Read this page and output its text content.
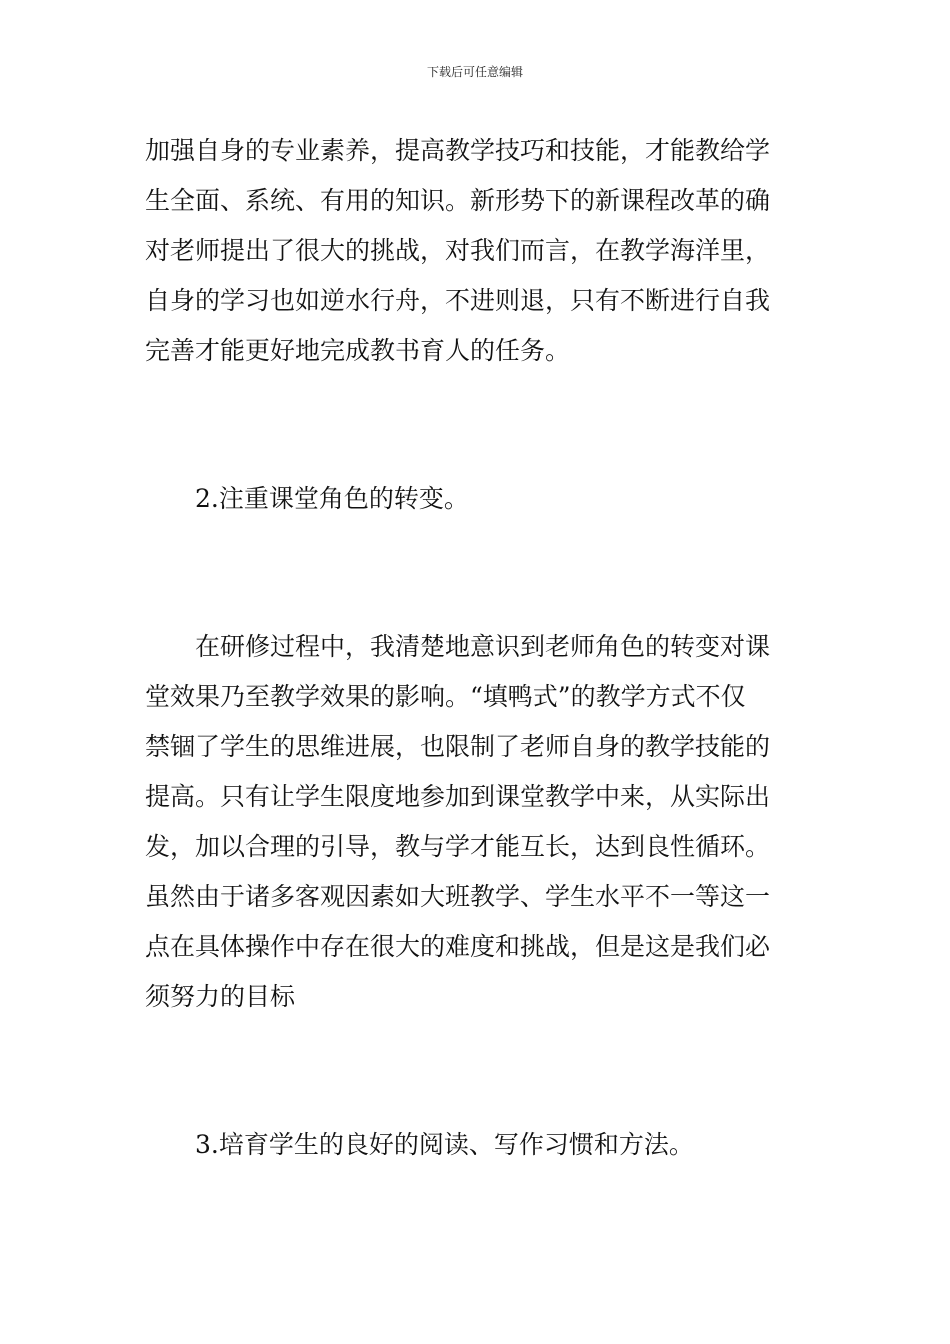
下载后可任意编辑
加强自身的专业素养，提高教学技巧和技能，才能教给学
生全面、系统、有用的知识。新形势下的新课程改革的确
对老师提出了很大的挑战，对我们而言，在教学海洋里，
自身的学习也如逆水行舟，不进则退，只有不断进行自我
完善才能更好地完成教书育人的任务。
2.注重课堂角色的转变。
在研修过程中，我清楚地意识到老师角色的转变对课
堂效果乃至教学效果的影响。“填鸭式”的教学方式不仅
禁锢了学生的思维进展，也限制了老师自身的教学技能的
提高。只有让学生限度地参加到课堂教学中来，从实际出
发，加以合理的引导，教与学才能互长，达到良性循环。
虽然由于诸多客观因素如大班教学、学生水平不一等这一
点在具体操作中存在很大的难度和挑战，但是这是我们必
须努力的目标
3.培育学生的良好的阅读、写作习惯和方法。
